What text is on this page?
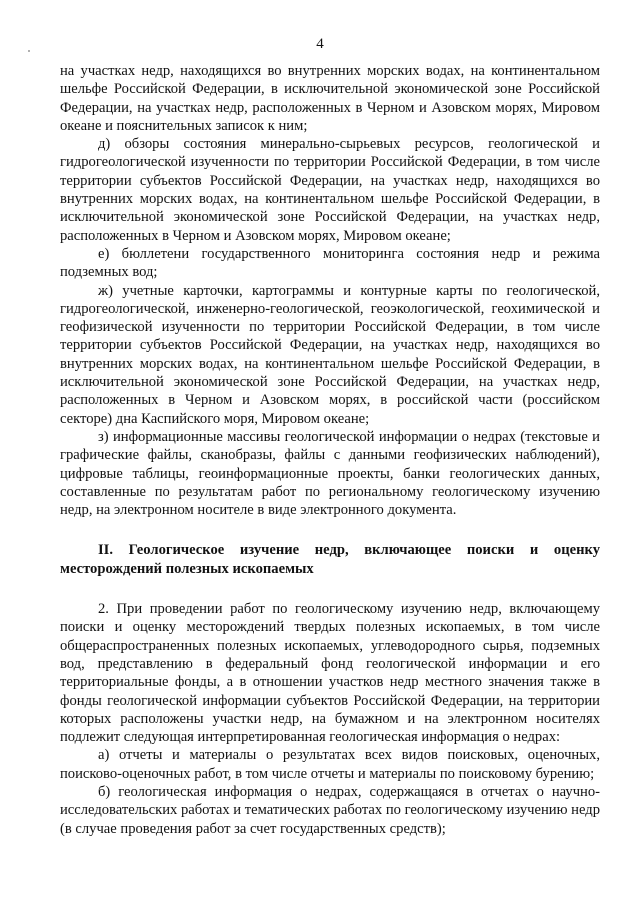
4

на участках недр, находящихся во внутренних морских водах, на континентальном шельфе Российской Федерации, в исключительной экономической зоне Российской Федерации, на участках недр, расположенных в Черном и Азовском морях, Мировом океане и пояснительных записок к ним;

д) обзоры состояния минерально-сырьевых ресурсов, геологической и гидрогеологической изученности по территории Российской Федерации, в том числе территории субъектов Российской Федерации, на участках недр, находящихся во внутренних морских водах, на континентальном шельфе Российской Федерации, в исключительной экономической зоне Российской Федерации, на участках недр, расположенных в Черном и Азовском морях, Мировом океане;

е) бюллетени государственного мониторинга состояния недр и режима подземных вод;

ж) учетные карточки, картограммы и контурные карты по геологической, гидрогеологической, инженерно-геологической, геоэкологической, геохимической и геофизической изученности по территории Российской Федерации, в том числе территории субъектов Российской Федерации, на участках недр, находящихся во внутренних морских водах, на континентальном шельфе Российской Федерации, в исключительной экономической зоне Российской Федерации, на участках недр, расположенных в Черном и Азовском морях, в российской части (российском секторе) дна Каспийского моря, Мировом океане;

з) информационные массивы геологической информации о недрах (текстовые и графические файлы, сканобразы, файлы с данными геофизических наблюдений), цифровые таблицы, геоинформационные проекты, банки геологических данных, составленные по результатам работ по региональному геологическому изучению недр, на электронном носителе в виде электронного документа.

II. Геологическое изучение недр, включающее поиски и оценку месторождений полезных ископаемых

2. При проведении работ по геологическому изучению недр, включающему поиски и оценку месторождений твердых полезных ископаемых, в том числе общераспространенных полезных ископаемых, углеводородного сырья, подземных вод, представлению в федеральный фонд геологической информации и его территориальные фонды, а в отношении участков недр местного значения также в фонды геологической информации субъектов Российской Федерации, на территории которых расположены участки недр, на бумажном и на электронном носителях подлежит следующая интерпретированная геологическая информация о недрах:

а) отчеты и материалы о результатах всех видов поисковых, оценочных, поисково-оценочных работ, в том числе отчеты и материалы по поисковому бурению;

б) геологическая информация о недрах, содержащаяся в отчетах о научно-исследовательских работах и тематических работах по геологическому изучению недр (в случае проведения работ за счет государственных средств);
